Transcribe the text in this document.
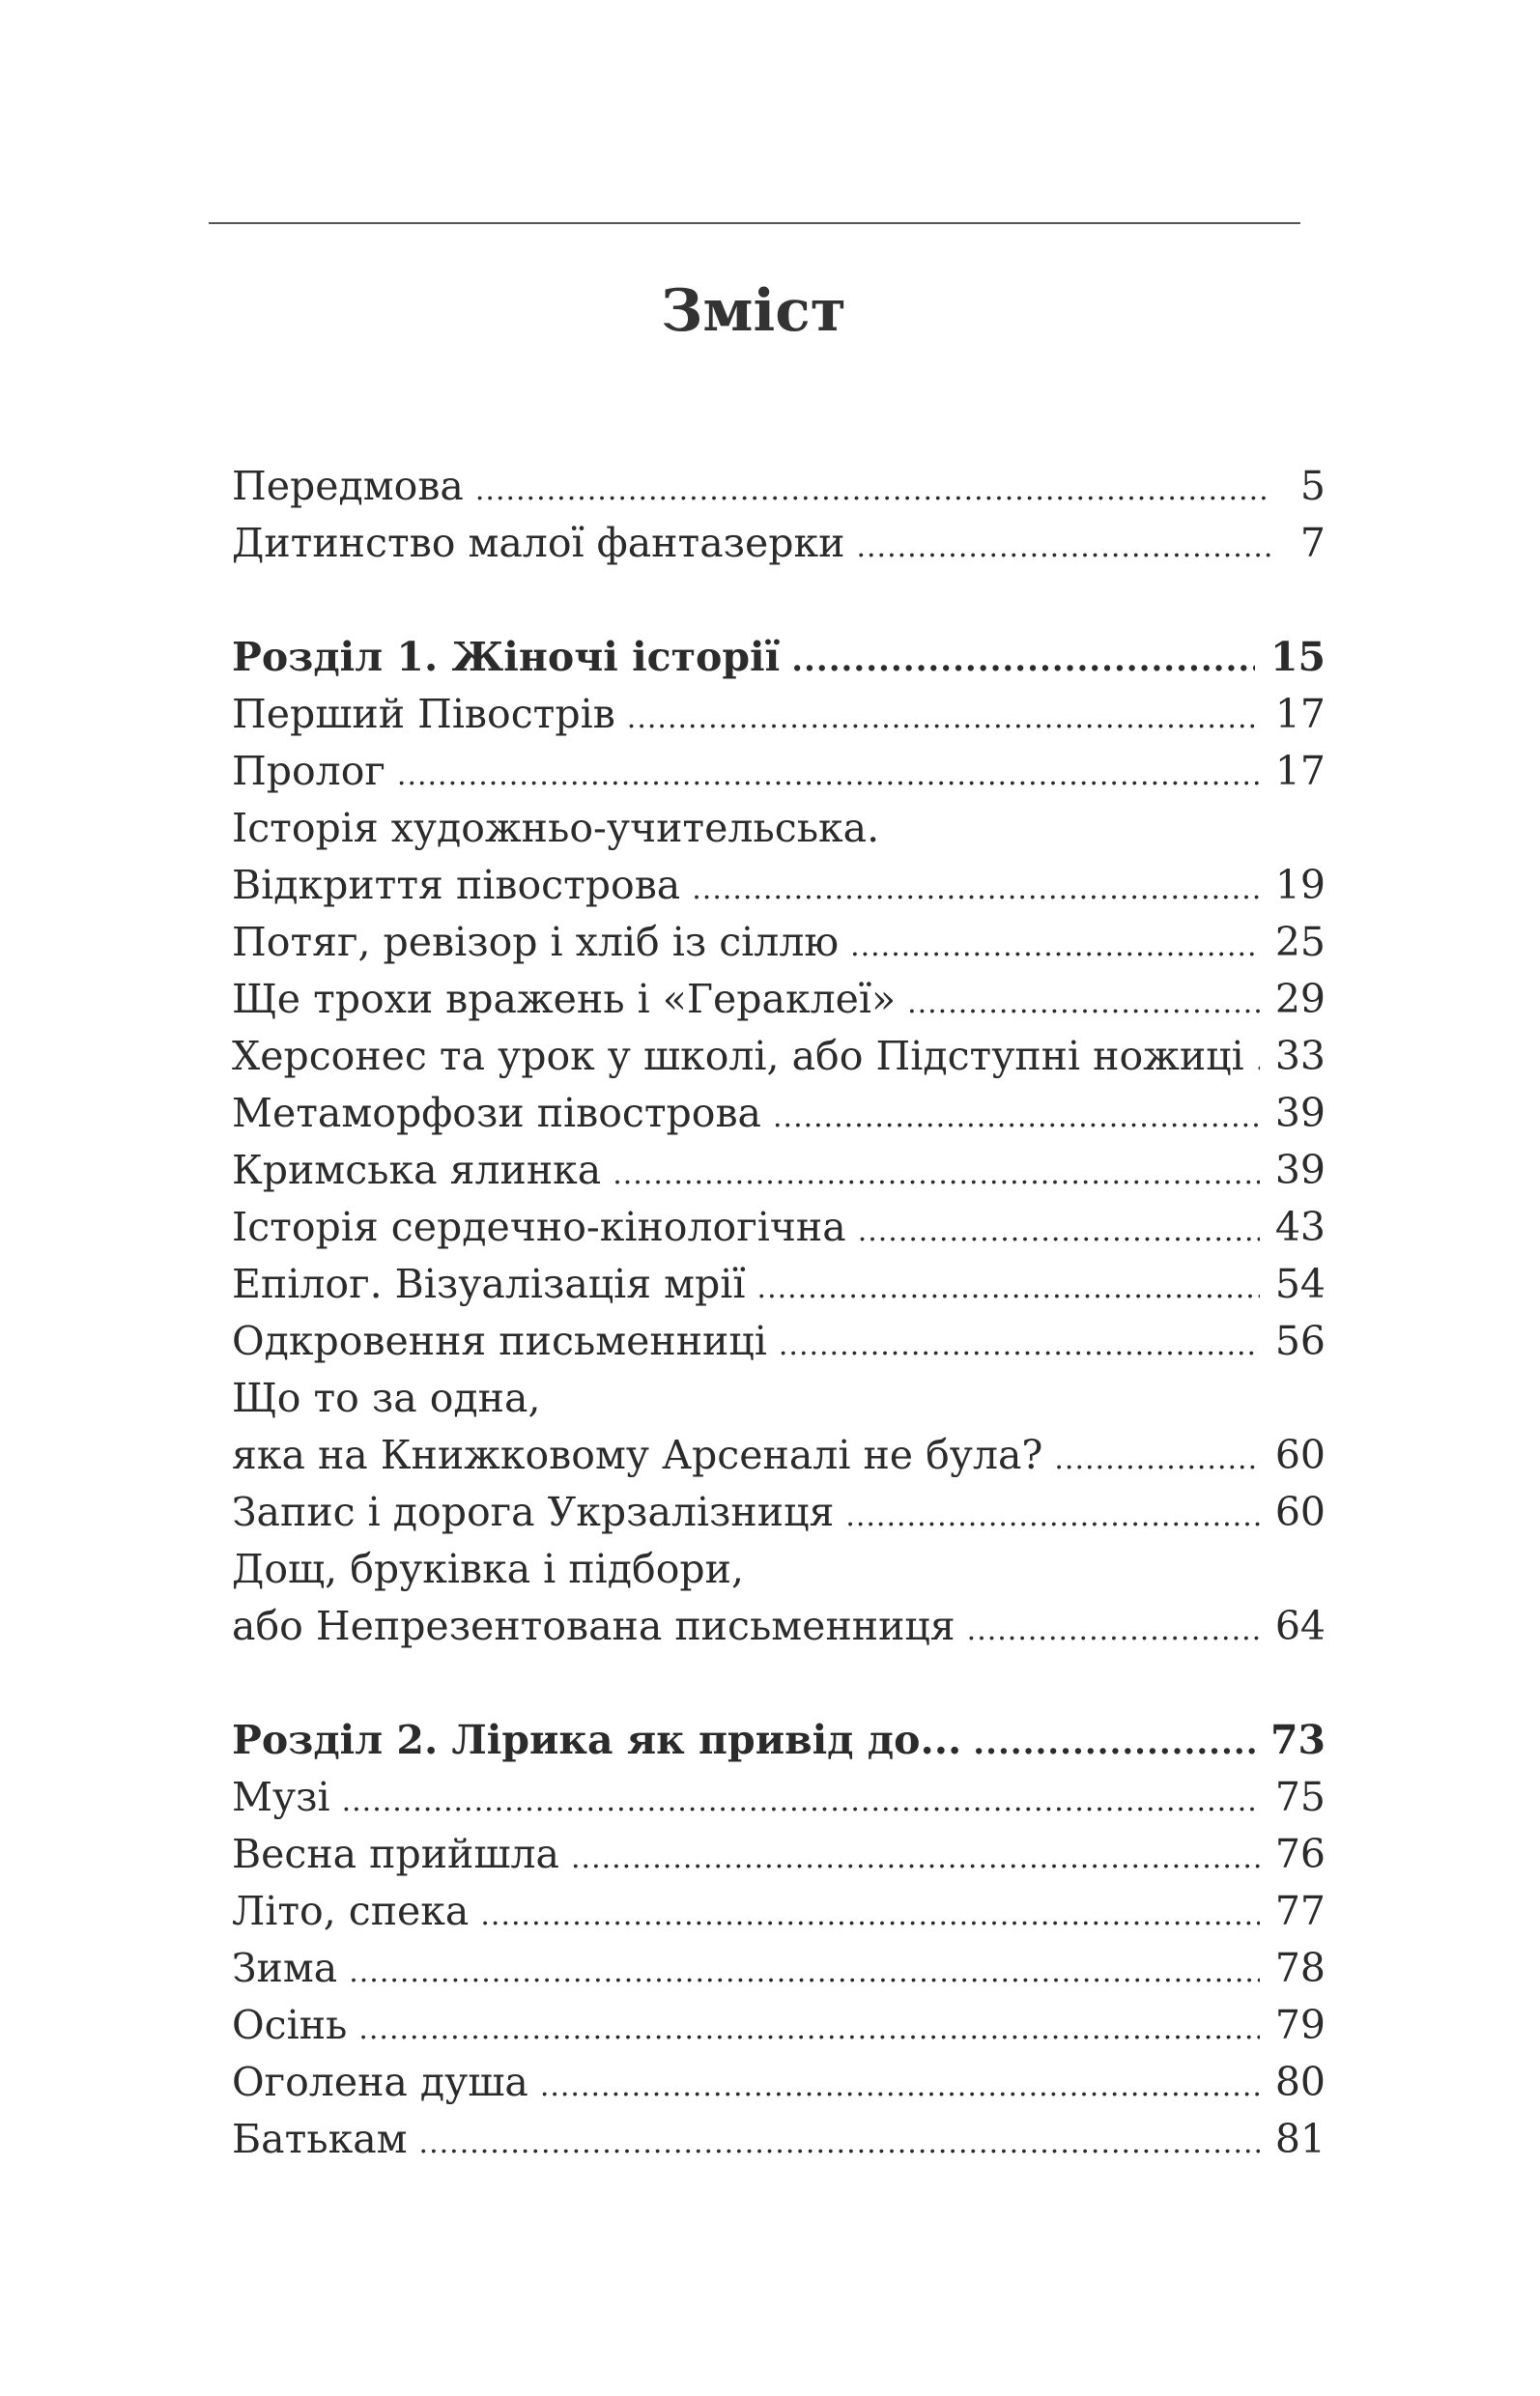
Зміст
Передмова .....	5
Дитинство малої фантазерки .....	7
Розділ 1. Жіночі історії .....	15
Перший Півострів .....	17
Пролог .....	17
Історія художньо-учительська.
Відкриття півострова .....	19
Потяг, ревізор і хліб із сіллю .....	25
Ще трохи вражень і «Гераклеї» .....	29
Херсонес та урок у школі, або Підступні ножиці ..... 33
Метаморфози півострова .....	39
Кримська ялинка .....	39
Історія сердечно-кінологічна .....	43
Епілог. Візуалізація мрії .....	54
Одкровення письменниці .....	56
Що то за одна,
яка на Книжковому Арсеналі не була? .....	60
Запис і дорога Укрзалізниця .....	60
Дощ, бруківка і підбори,
або Непрезентована письменниця .....	64
Розділ 2. Лірика як привід до... .....	73
Музі .....	75
Весна прийшла .....	76
Літо, спека .....	77
Зима .....	78
Осінь .....	79
Оголена душа .....	80
Батькам .....	81
